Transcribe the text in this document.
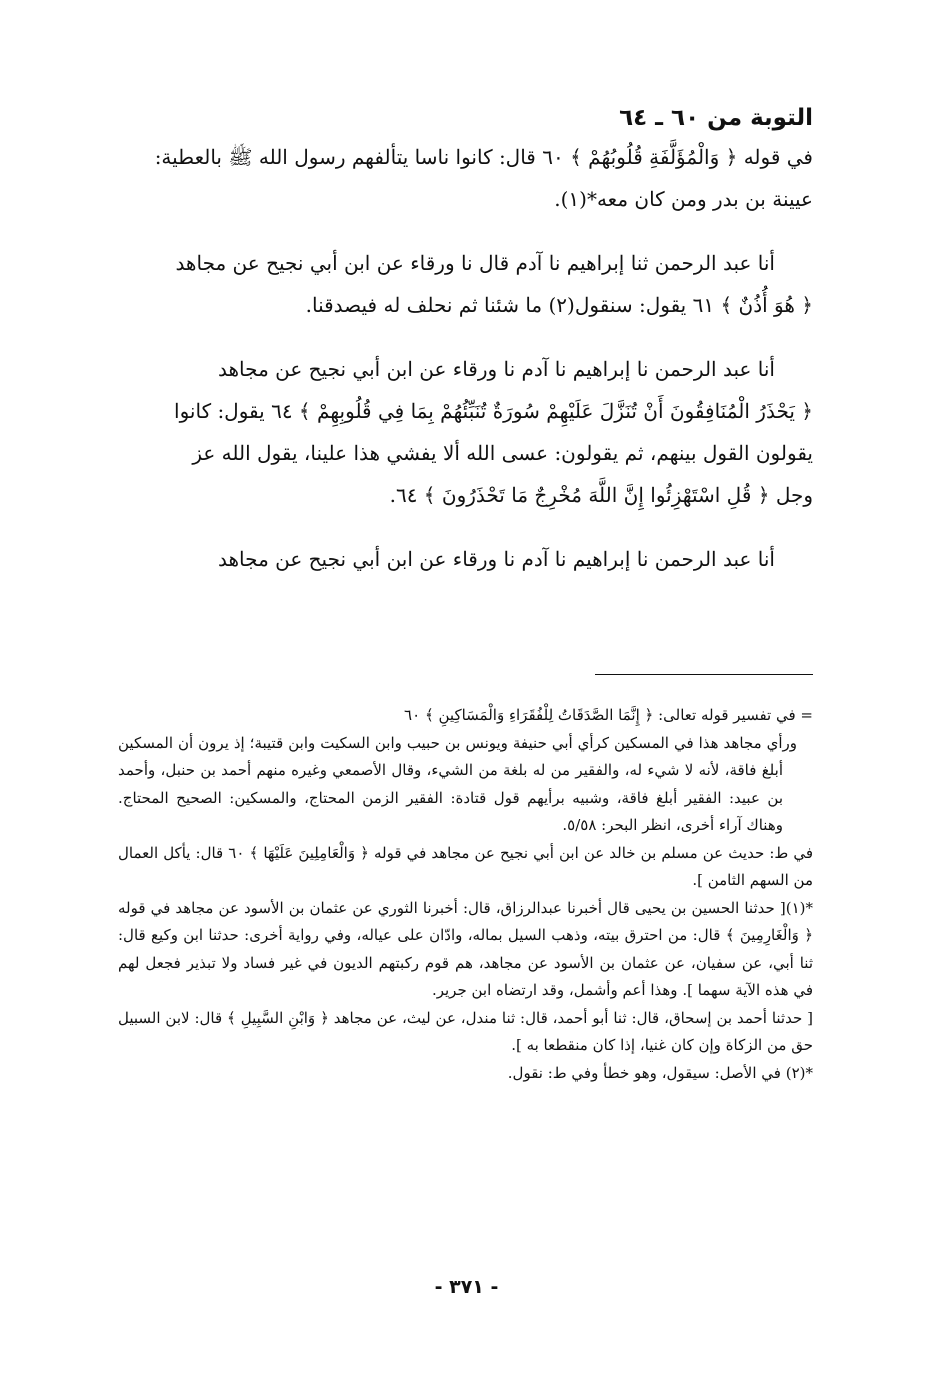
التوبة من ٦٠ ـ ٦٤

في قوله ﴿ وَالْمُؤَلَّفَةِ قُلُوبُهُمْ ﴾ ٦٠ قال: كانوا ناسا يتألفهم رسول الله ﷺ بالعطية:

عيينة بن بدر ومن كان معه*(١).

أنا عبد الرحمن ثنا إبراهيم نا آدم قال نا ورقاء عن ابن أبي نجيح عن مجاهد

﴿ هُوَ أُذُنٌ ﴾ ٦١ يقول: سنقول(٢) ما شئنا ثم نحلف له فيصدقنا.

أنا عبد الرحمن نا إبراهيم نا آدم نا ورقاء عن ابن أبي نجيح عن مجاهد

﴿ يَحْذَرُ الْمُنَافِقُونَ أَنْ تُنَزَّلَ عَلَيْهِمْ سُورَةٌ تُنَبِّئُهُمْ بِمَا فِي قُلُوبِهِمْ ﴾ ٦٤ يقول: كانوا

يقولون القول بينهم، ثم يقولون: عسى الله ألا يفشي هذا علينا، يقول الله عز

وجل ﴿ قُلِ اسْتَهْزِئُوا إِنَّ اللَّهَ مُخْرِجٌ مَا تَحْذَرُونَ ﴾ ٦٤.

أنا عبد الرحمن نا إبراهيم نا آدم نا ورقاء عن ابن أبي نجيح عن مجاهد

= في تفسير قوله تعالى: ﴿ إِنَّمَا الصَّدَقَاتُ لِلْفُقَرَاءِ وَالْمَسَاكِينِ ﴾ ٦٠

ورأي مجاهد هذا في المسكين كرأي أبي حنيفة ويونس بن حبيب وابن السكيت وابن قتيبة؛ إذ يرون أن المسكين أبلغ فاقة، لأنه لا شيء له، والفقير من له بلغة من الشيء، وقال الأصمعي وغيره منهم أحمد بن حنبل، وأحمد بن عبيد: الفقير أبلغ فاقة، وشبيه برأيهم قول قتادة: الفقير الزمن المحتاج، والمسكين: الصحيح المحتاج. وهناك آراء أخرى، انظر البحر: ٥/٥٨.

في ط: حديث عن مسلم بن خالد عن ابن أبي نجيح عن مجاهد في قوله ﴿ وَالْعَامِلِينَ عَلَيْهَا ﴾ ٦٠ قال: يأكل العمال من السهم الثامن ].

*(١)[ حدثنا الحسين بن يحيى قال أخبرنا عبدالرزاق، قال: أخبرنا الثوري عن عثمان بن الأسود عن مجاهد في قوله ﴿ وَالْغَارِمِينَ ﴾ قال: من احترق بيته، وذهب السيل بماله، وادّان على عياله، وفي رواية أخرى: حدثنا ابن وكيع قال: ثنا أبي، عن سفيان، عن عثمان بن الأسود عن مجاهد، هم قوم ركبتهم الديون في غير فساد ولا تبذير فجعل لهم في هذه الآية سهما ]. وهذا أعم وأشمل، وقد ارتضاه ابن جرير.

[ حدثنا أحمد بن إسحاق، قال: ثنا أبو أحمد، قال: ثنا مندل، عن ليث، عن مجاهد ﴿ وَابْنِ السَّبِيلِ ﴾ قال: لابن السبيل حق من الزكاة وإن كان غنيا، إذا كان منقطعا به ].

*(٢) في الأصل: سيقول، وهو خطأ وفي ط: نقول.

- ٣٧١ -
